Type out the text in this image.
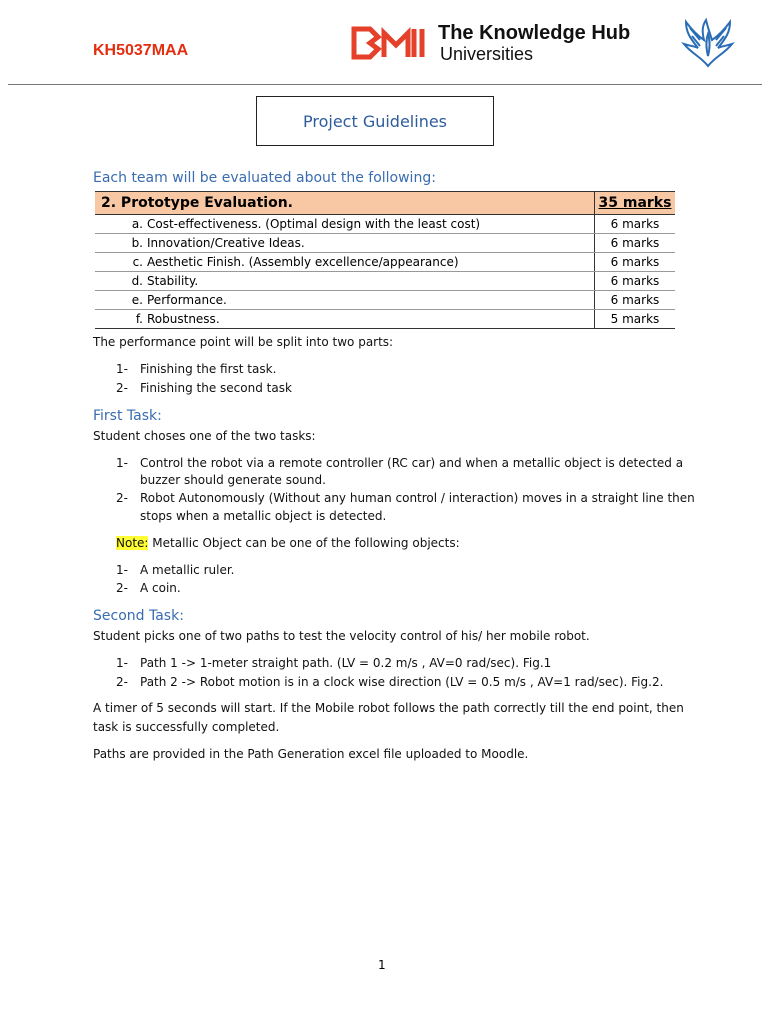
KH5037MAA
The Knowledge Hub
Universities
Project Guidelines
Each team will be evaluated about the following:
2. Prototype Evaluation.		35 marks
a.	Cost-effectiveness. (Optimal design with the least cost)	6 marks
b.	Innovation/Creative Ideas.	6 marks
c.	Aesthetic Finish. (Assembly excellence/appearance)	6 marks
d.	Stability.	6 marks
e.	Performance.	6 marks
f.	Robustness.	5 marks
The performance point will be split into two parts:
1- Finishing the first task.
2- Finishing the second task
First Task:
Student choses one of the two tasks:
1- Control the robot via a remote controller (RC car) and when a metallic object is detected a
buzzer should generate sound.
2- Robot Autonomously (Without any human control / interaction) moves in a straight line then
stops when a metallic object is detected.
Note: Metallic Object can be one of the following objects:
1- A metallic ruler.
2- A coin.
Second Task:
Student picks one of two paths to test the velocity control of his/ her mobile robot.
1- Path 1 -> 1-meter straight path. (LV = 0.2 m/s , AV=0 rad/sec). Fig.1
2- Path 2 -> Robot motion is in a clock wise direction (LV = 0.5 m/s , AV=1 rad/sec). Fig.2.
A timer of 5 seconds will start. If the Mobile robot follows the path correctly till the end point, then
task is successfully completed.
Paths are provided in the Path Generation excel file uploaded to Moodle.
1
